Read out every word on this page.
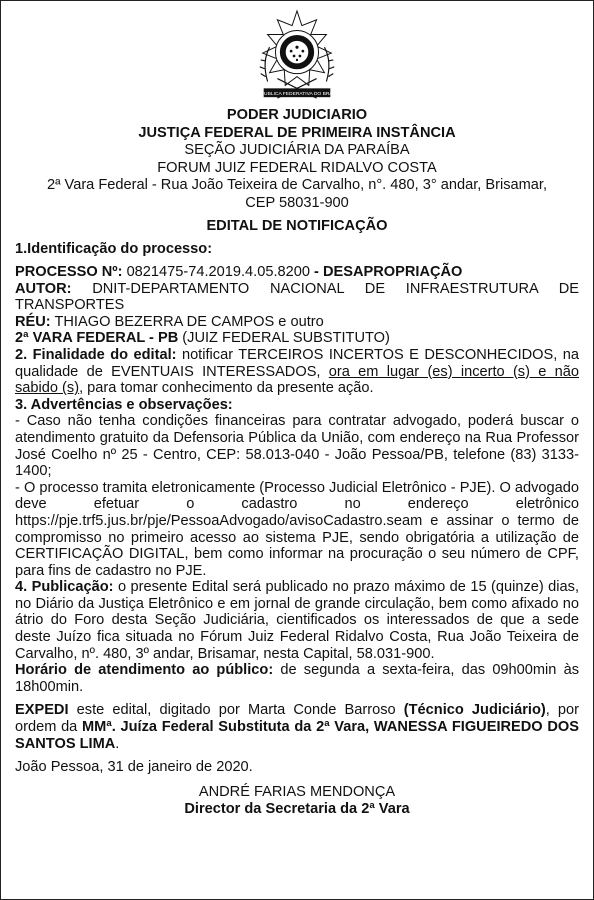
REPUBLICA FEDERATIVA DO BRASIL
PODER JUDICIARIO
JUSTIÇA FEDERAL DE PRIMEIRA INSTÂNCIA
SEÇÃO JUDICIÁRIA DA PARAÍBA
FORUM JUIZ FEDERAL RIDALVO COSTA
2ª Vara Federal - Rua João Teixeira de Carvalho, n°. 480, 3° andar, Brisamar,
CEP 58031-900
EDITAL DE NOTIFICAÇÃO
1.Identificação do processo:

PROCESSO Nº: 0821475-74.2019.4.05.8200 - DESAPROPRIAÇÃO

AUTOR: DNIT-DEPARTAMENTO NACIONAL DE INFRAESTRUTURA DE TRANSPORTES

RÉU: THIAGO BEZERRA DE CAMPOS e outro

2ª VARA FEDERAL - PB (JUIZ FEDERAL SUBSTITUTO)

2. Finalidade do edital: notificar TERCEIROS INCERTOS E DESCONHECIDOS, na qualidade de EVENTUAIS INTERESSADOS, ora em lugar (es) incerto (s) e não sabido (s), para tomar conhecimento da presente ação.

3. Advertências e observações:

- Caso não tenha condições financeiras para contratar advogado, poderá buscar o atendimento gratuito da Defensoria Pública da União, com endereço na Rua Professor José Coelho nº 25 - Centro, CEP: 58.013-040 - João Pessoa/PB, telefone (83) 3133-1400;

- O processo tramita eletronicamente (Processo Judicial Eletrônico - PJE). O advogado deve efetuar o cadastro no endereço eletrônico https://pje.trf5.jus.br/pje/PessoaAdvogado/avisoCadastro.seam e assinar o termo de compromisso no primeiro acesso ao sistema PJE, sendo obrigatória a utilização de CERTIFICAÇÃO DIGITAL, bem como informar na procuração o seu número de CPF, para fins de cadastro no PJE.

4. Publicação: o presente Edital será publicado no prazo máximo de 15 (quinze) dias, no Diário da Justiça Eletrônico e em jornal de grande circulação, bem como afixado no átrio do Foro desta Seção Judiciária, cientificados os interessados de que a sede deste Juízo fica situada no Fórum Juiz Federal Ridalvo Costa, Rua João Teixeira de Carvalho, nº. 480, 3º andar, Brisamar, nesta Capital, 58.031-900.

Horário de atendimento ao público: de segunda a sexta-feira, das 09h00min às 18h00min.

EXPEDI este edital, digitado por Marta Conde Barroso (Técnico Judiciário), por ordem da MMª. Juíza Federal Substituta da 2ª Vara, WANESSA FIGUEIREDO DOS SANTOS LIMA.

João Pessoa, 31 de janeiro de 2020.

ANDRÉ FARIAS MENDONÇA
Director da Secretaria da 2ª Vara
